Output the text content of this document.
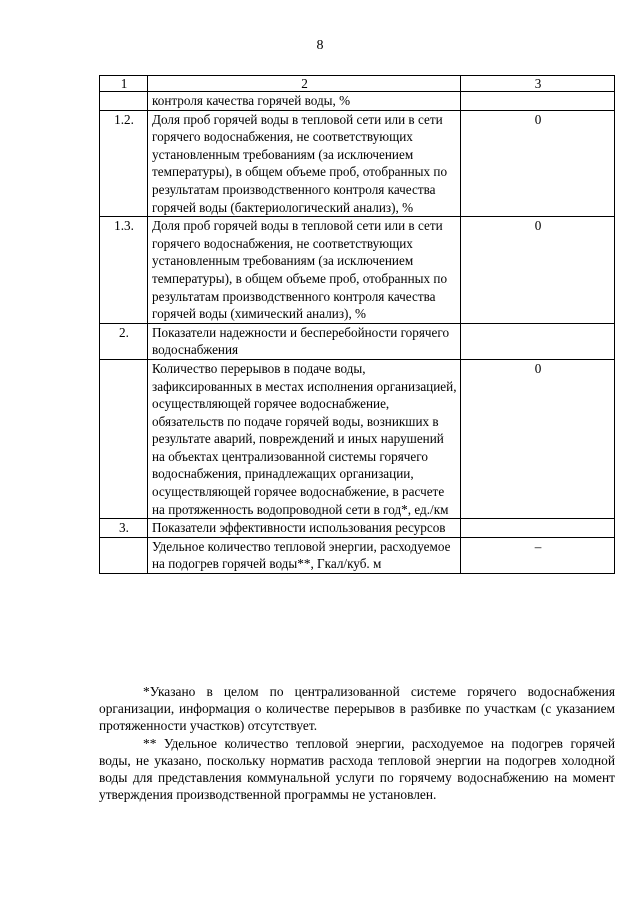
8
1	2	3
	контроля качества горячей воды, %	
1.2.	Доля проб горячей воды в тепловой сети или в сети горячего водоснабжения, не соответствующих установленным требованиям (за исключением температуры), в общем объеме проб, отобранных по результатам производственного контроля качества горячей воды (бактериологический анализ), %	0
1.3.	Доля проб горячей воды в тепловой сети или в сети горячего водоснабжения, не соответствующих установленным требованиям (за исключением температуры), в общем объеме проб, отобранных по результатам производственного контроля качества горячей воды (химический анализ), %	0
2.	Показатели надежности и бесперебойности горячего водоснабжения	
	Количество перерывов в подаче воды, зафиксированных в местах исполнения организацией, осуществляющей горячее водоснабжение, обязательств по подаче горячей воды, возникших в результате аварий, повреждений и иных нарушений на объектах централизованной системы горячего водоснабжения, принадлежащих организации, осуществляющей горячее водоснабжение, в расчете на протяженность водопроводной сети в год*, ед./км	0
3.	Показатели эффективности использования ресурсов	
	Удельное количество тепловой энергии, расходуемое на подогрев горячей воды**, Гкал/куб. м	–

*Указано в целом по централизованной системе горячего водоснабжения организации, информация о количестве перерывов в разбивке по участкам (с указанием протяженности участков) отсутствует.

** Удельное количество тепловой энергии, расходуемое на подогрев горячей воды, не указано, поскольку норматив расхода тепловой энергии на подогрев холодной воды для представления коммунальной услуги по горячему водоснабжению на момент утверждения производственной программы не установлен.
